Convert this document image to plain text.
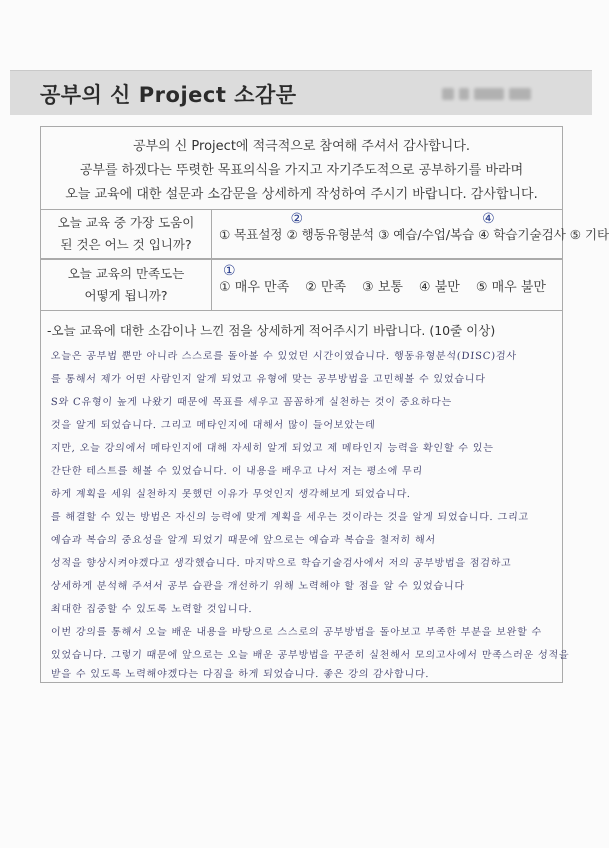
공부의 신 Project 소감문
공부의 신 Project에 적극적으로 참여해 주셔서 감사합니다.
공부를 하겠다는 뚜렷한 목표의식을 가지고 자기주도적으로 공부하기를 바라며
오늘 교육에 대한 설문과 소감문을 상세하게 작성하여 주시기 바랍니다. 감사합니다.
오늘 교육 중 가장 도움이
된 것은 어느 것 입니까?
① 목표설정

②
② 행동유형분석
③ 예습/수업/복습

④
④ 학습기술검사
⑤ 기타
오늘 교육의 만족도는
어떻게 됩니까?
①
① 매우 만족 ② 만족 ③ 보통 ④ 불만 ⑤ 매우 불만
-오늘 교육에 대한 소감이나 느낀 점을 상세하게 적어주시기 바랍니다. (10줄 이상)
오늘은 공부법 뿐만 아니라 스스로를 돌아볼 수 있었던 시간이였습니다. 행동유형분석(DISC)검사
를 통해서 제가 어떤 사람인지 알게 되었고 유형에 맞는 공부방법을 고민해볼 수 있었습니다
S와 C유형이 높게 나왔기 때문에 목표를 세우고 꼼꼼하게 실천하는 것이 중요하다는
것을 알게 되었습니다. 그리고 메타인지에 대해서 많이 들어보았는데
지만, 오늘 강의에서 메타인지에 대해 자세히 알게 되었고 제 메타인지 능력을 확인할 수 있는
간단한 테스트를 해볼 수 있었습니다. 이 내용을 배우고 나서 저는 평소에 무리
하게 계획을 세워 실천하지 못했던 이유가 무엇인지 생각해보게 되었습니다.
를 해결할 수 있는 방법은 자신의 능력에 맞게 계획을 세우는 것이라는 것을 알게 되었습니다. 그리고
예습과 복습의 중요성을 알게 되었기 때문에 앞으로는 예습과 복습을 철저히 해서
성적을 향상시켜야겠다고 생각했습니다. 마지막으로 학습기술검사에서 저의 공부방법을 점검하고
상세하게 분석해 주셔서 공부 습관을 개선하기 위해 노력해야 할 점을 알 수 있었습니다
최대한 집중할 수 있도록 노력할 것입니다.
이번 강의를 통해서 오늘 배운 내용을 바탕으로 스스로의 공부방법을 돌아보고 부족한 부분을 보완할 수
있었습니다. 그렇기 때문에 앞으로는 오늘 배운 공부방법을 꾸준히 실천해서 모의고사에서 만족스러운 성적을
받을 수 있도록 노력해야겠다는 다짐을 하게 되었습니다. 좋은 강의 감사합니다.
